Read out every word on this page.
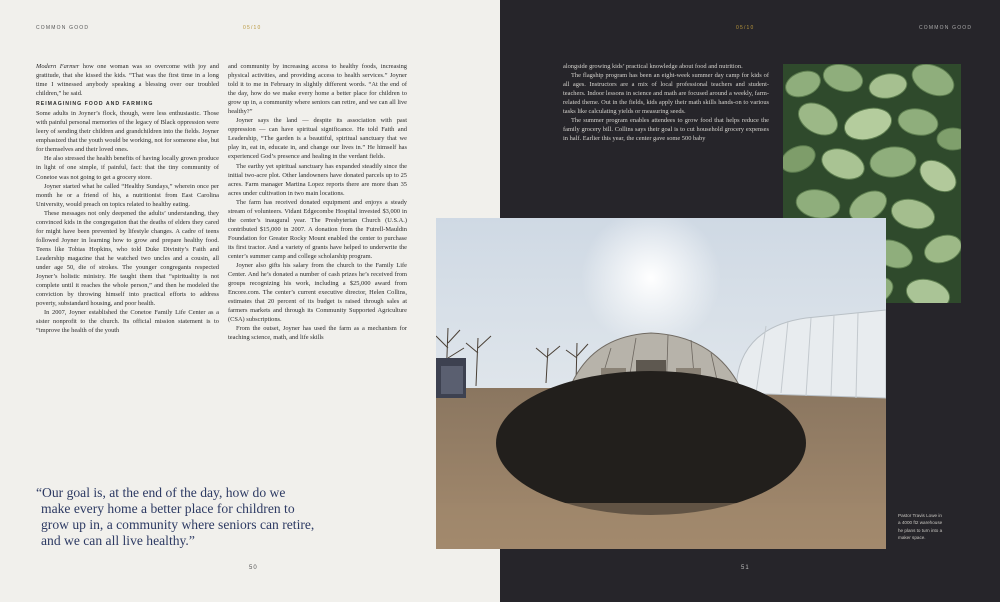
COMMON GOOD	05/10

Modern Farmer how one woman was so overcome with joy and gratitude, that she kissed the kids. “That was the first time in a long time I witnessed anybody speaking a blessing over our troubled children,” he said.

REIMAGINING FOOD AND FARMING

Some adults in Joyner’s flock, though, were less enthusiastic. Those with painful personal memories of the legacy of Black oppression were leery of sending their children and grandchildren into the fields. Joyner emphasized that the youth would be working, not for someone else, but for themselves and their loved ones.

He also stressed the health benefits of having locally grown produce in light of one simple, if painful, fact: that the tiny community of Conetoe was not going to get a grocery store.

Joyner started what he called “Healthy Sundays,” wherein once per month he or a friend of his, a nutritionist from East Carolina University, would preach on topics related to healthy eating.

These messages not only deepened the adults’ understanding, they convinced kids in the congregation that the deaths of elders they cared for might have been prevented by lifestyle changes. A cadre of teens followed Joyner in learning how to grow and prepare healthy food. Teens like Tobias Hopkins, who told Duke Divinity’s Faith and Leadership magazine that he watched two uncles and a cousin, all under age 50, die of strokes. The younger congregants respected Joyner’s holistic ministry. He taught them that “spirituality is not complete until it reaches the whole person,” and then he modeled the conviction by throwing himself into practical efforts to address poverty, substandard housing, and poor health.

In 2007, Joyner established the Conetoe Family Life Center as a sister nonprofit to the church. Its official mission statement is to “improve the health of the youth

and community by increasing access to healthy foods, increasing physical activities, and providing access to health services.” Joyner told it to me in February in slightly different words. “At the end of the day, how do we make every home a better place for children to grow up in, a community where seniors can retire, and we can all live healthy?”

Joyner says the land — despite its association with past oppression — can have spiritual significance. He told Faith and Leadership, “The garden is a beautiful, spiritual sanctuary that we play in, eat in, educate in, and change our lives in.” He himself has experienced God’s presence and healing in the verdant fields.

The earthy yet spiritual sanctuary has expanded steadily since the initial two-acre plot. Other landowners have donated parcels up to 25 acres. Farm manager Martina Lopez reports there are more than 35 acres under cultivation in two main locations.

The farm has received donated equipment and enjoys a steady stream of volunteers. Vidant Edgecombe Hospital invested $3,000 in the center’s inaugural year. The Presbyterian Church (U.S.A.) contributed $15,000 in 2007. A donation from the Futrell-Mauldin Foundation for Greater Rocky Mount enabled the center to purchase its first tractor. And a variety of grants have helped to underwrite the center’s summer camp and college scholarship program.

Joyner also gifts his salary from the church to the Family Life Center. And he’s donated a number of cash prizes he’s received from groups recognizing his work, including a $25,000 award from Encore.com. The center’s current executive director, Helen Collins, estimates that 20 percent of its budget is raised through sales at farmers markets and through its Community Supported Agriculture (CSA) subscriptions.

From the outset, Joyner has used the farm as a mechanism for teaching science, math, and life skills

“Our goal is, at the end of the day, how do we
make every home a better place for children to
grow up in, a community where seniors can retire,
and we can all live healthy.”
50
05/10	COMMON GOOD

alongside growing kids’ practical knowledge about food and nutrition.

The flagship program has been an eight-week summer day camp for kids of all ages. Instructors are a mix of local professional teachers and student-teachers. Indoor lessons in science and math are focused around a weekly, farm-related theme. Out in the fields, kids apply their math skills hands-on to various tasks like calculating yields or measuring seeds.

The summer program enables attendees to grow food that helps reduce the family grocery bill. Collins says their goal is to cut household grocery expenses in half. Earlier this year, the center gave some 500 baby

51
Pastor Travis Lowe in
a 4000 ft2 warehouse
he plans to turn into a
maker space.
